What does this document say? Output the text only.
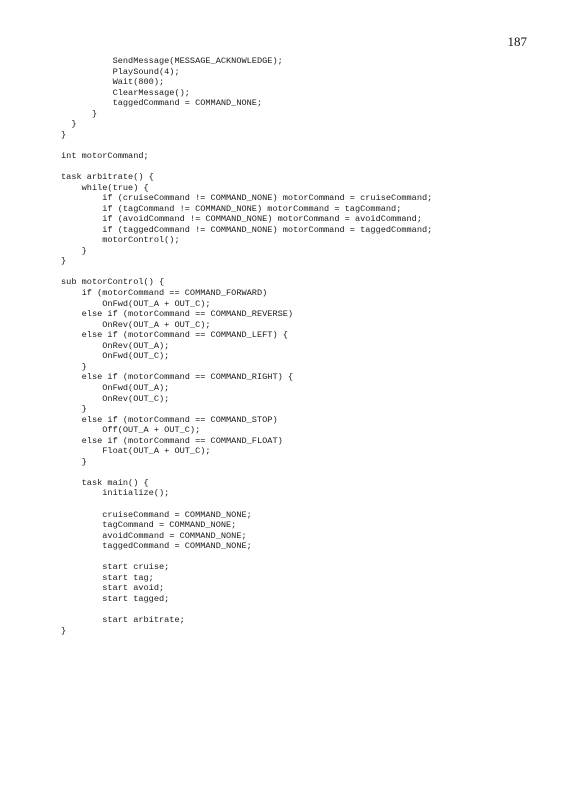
187
SendMessage(MESSAGE_ACKNOWLEDGE);
PlaySound(4);
Wait(800);
ClearMessage();
taggedCommand = COMMAND_NONE;
}
}
}
int motorCommand;
task arbitrate() {
while(true) {
if (cruiseCommand != COMMAND_NONE) motorCommand = cruiseCommand;
if (tagCommand != COMMAND_NONE) motorCommand = tagCommand;
if (avoidCommand != COMMAND_NONE) motorCommand = avoidCommand;
if (taggedCommand != COMMAND_NONE) motorCommand = taggedCommand;
motorControl();
}
}
sub motorControl() {
if (motorCommand == COMMAND_FORWARD)
OnFwd(OUT_A + OUT_C);
else if (motorCommand == COMMAND_REVERSE)
OnRev(OUT_A + OUT_C);
else if (motorCommand == COMMAND_LEFT) {
OnRev(OUT_A);
OnFwd(OUT_C);
}
else if (motorCommand == COMMAND_RIGHT) {
OnFwd(OUT_A);
OnRev(OUT_C);
}
else if (motorCommand == COMMAND_STOP)
Off(OUT_A + OUT_C);
else if (motorCommand == COMMAND_FLOAT)
Float(OUT_A + OUT_C);
}
task main() {
initialize();
cruiseCommand = COMMAND_NONE;
tagCommand = COMMAND_NONE;
avoidCommand = COMMAND_NONE;
taggedCommand = COMMAND_NONE;
start cruise;
start tag;
start avoid;
start tagged;
start arbitrate;
}
